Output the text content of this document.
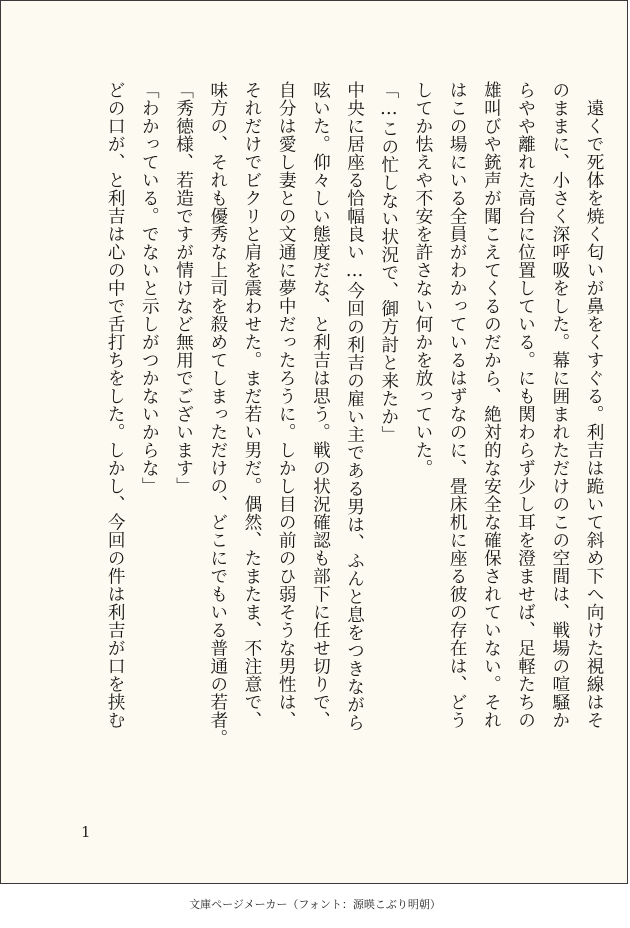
　遠くで死体を焼く匂いが鼻をくすぐる。利吉は跪いて斜め下へ向けた視線はそ

のままに、小さく深呼吸をした。幕に囲まれただけのこの空間は、戦場の喧騒か

らやや離れた高台に位置している。にも関わらず少し耳を澄ませば、足軽たちの

雄叫びや銃声が聞こえてくるのだから、絶対的な安全な確保されていない。それ

はこの場にいる全員がわかっているはずなのに、畳床机に座る彼の存在は、どう

してか怯えや不安を許さない何かを放っていた。

「…この忙しない状況で、御方討と来たか」

中央に居座る恰幅良い…今回の利吉の雇い主である男は、ふんと息をつきながら

呟いた。仰々しい態度だな、と利吉は思う。戦の状況確認も部下に任せ切りで、

自分は愛し妻との文通に夢中だったろうに。しかし目の前のひ弱そうな男性は、

それだけでビクリと肩を震わせた。まだ若い男だ。偶然、たまたま、不注意で、

味方の、それも優秀な上司を殺めてしまっただけの、どこにでもいる普通の若者。

「秀徳様、若造ですが情けなど無用でございます」

「わかっている。でないと示しがつかないからな」

どの口が、と利吉は心の中で舌打ちをした。しかし、今回の件は利吉が口を挟む

1
文庫ページメーカー（フォント：源暎こぶり明朝）
